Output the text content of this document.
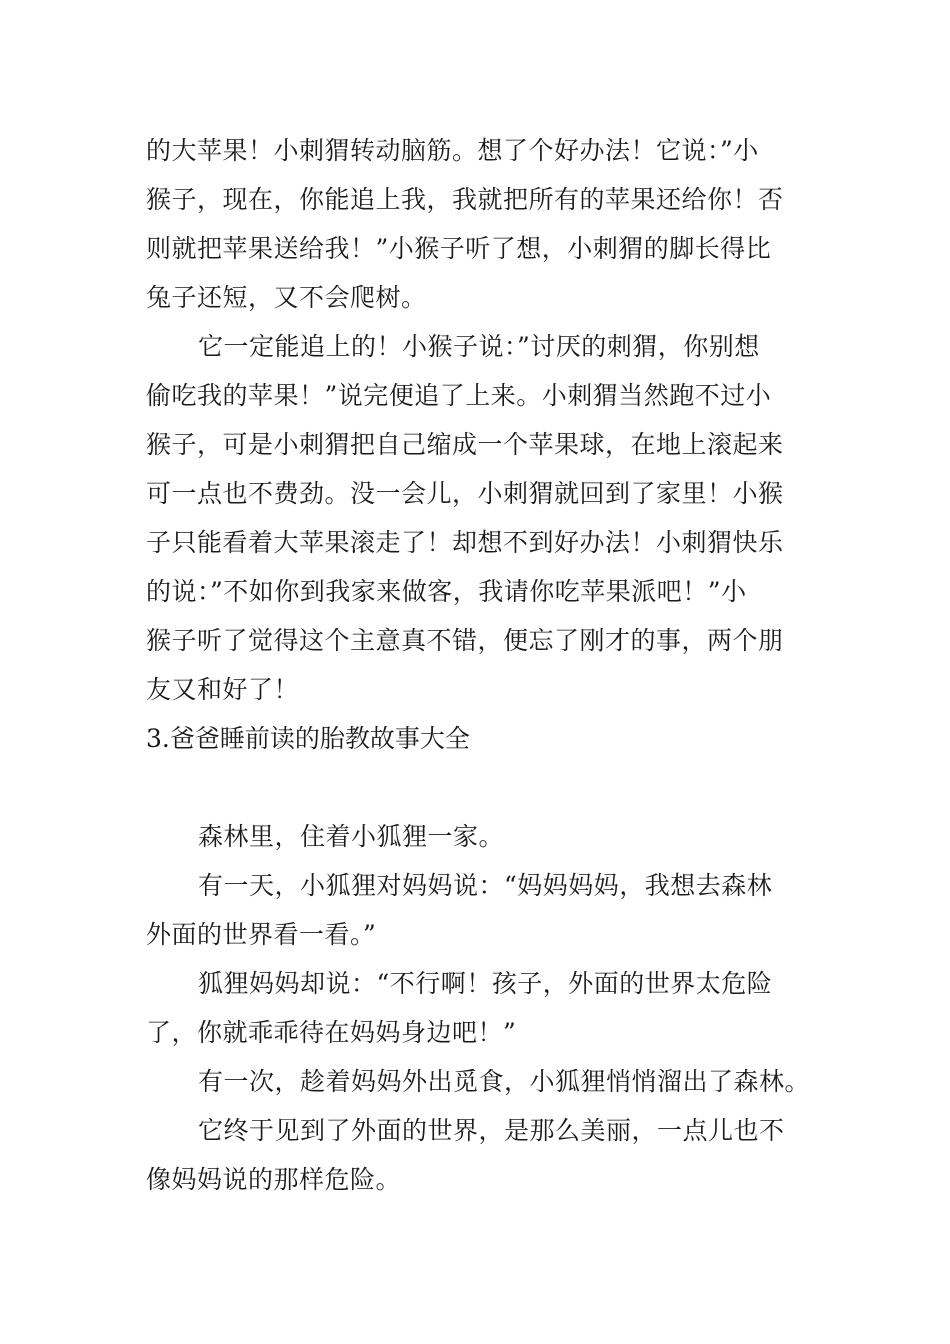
的大苹果！小刺猬转动脑筋。想了个好办法！它说：”小
猴子，现在，你能追上我，我就把所有的苹果还给你！否
则就把苹果送给我！”小猴子听了想，小刺猬的脚长得比
兔子还短，又不会爬树。
它一定能追上的！小猴子说：”讨厌的刺猬，你别想
偷吃我的苹果！”说完便追了上来。小刺猬当然跑不过小
猴子，可是小刺猬把自己缩成一个苹果球，在地上滚起来
可一点也不费劲。没一会儿，小刺猬就回到了家里！小猴
子只能看着大苹果滚走了！却想不到好办法！小刺猬快乐
的说：”不如你到我家来做客，我请你吃苹果派吧！”小
猴子听了觉得这个主意真不错，便忘了刚才的事，两个朋
友又和好了！
3.爸爸睡前读的胎教故事大全
森林里，住着小狐狸一家。
有一天，小狐狸对妈妈说：“妈妈妈妈，我想去森林
外面的世界看一看。”
狐狸妈妈却说：“不行啊！孩子，外面的世界太危险
了，你就乖乖待在妈妈身边吧！”
有一次，趁着妈妈外出觅食，小狐狸悄悄溜出了森林。
它终于见到了外面的世界，是那么美丽，一点儿也不
像妈妈说的那样危险。
